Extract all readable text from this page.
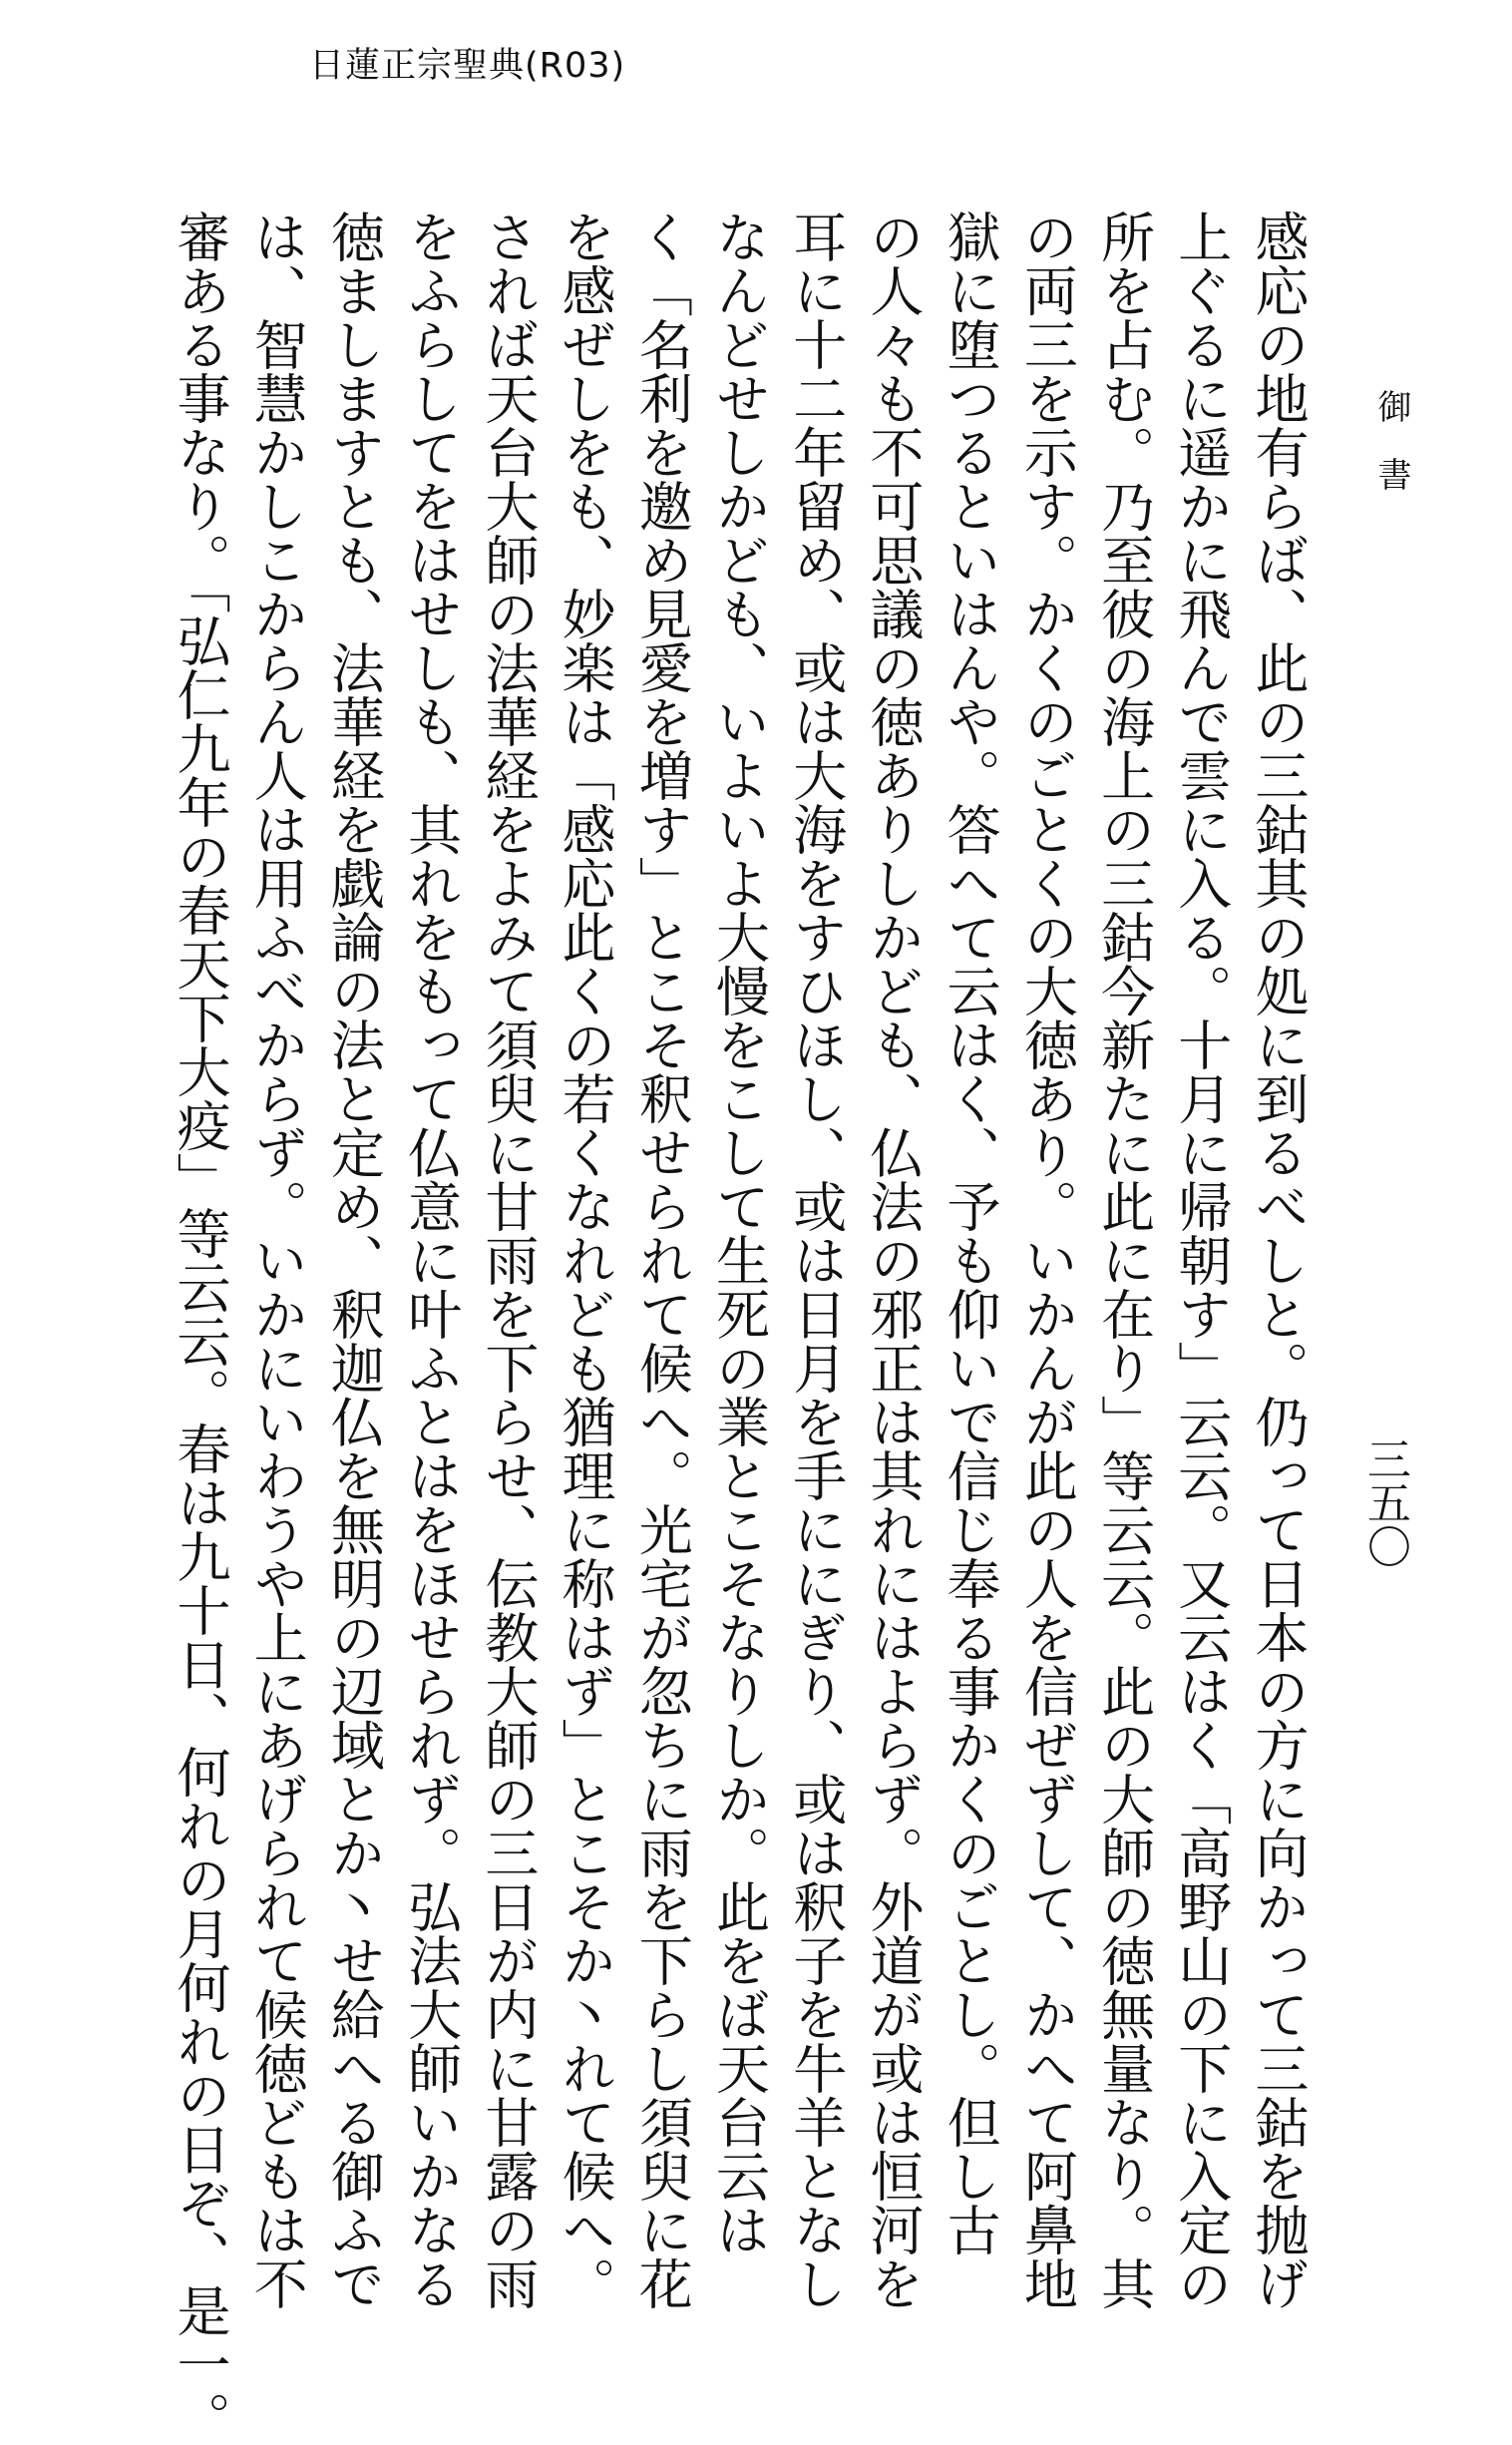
日蓮正宗聖典(R03)
御書
三五〇
感応の地有らば、此の三鈷其の処に到るべしと。仍って日本の方に向かって三鈷を抛げ
上ぐるに遥かに飛んで雲に入る。十月に帰朝す」云云。又云はく「高野山の下に入定の
所を占む。乃至彼の海上の三鈷今新たに此に在り」等云云。此の大師の徳無量なり。其
の両三を示す。かくのごとくの大徳あり。いかんが此の人を信ぜずして、かへて阿鼻地
獄に堕つるといはんや。答へて云はく、予も仰いで信じ奉る事かくのごとし。但し古
の人々も不可思議の徳ありしかども、仏法の邪正は其れにはよらず。外道が或は恒河を
耳に十二年留め、或は大海をすひほし、或は日月を手ににぎり、或は釈子を牛羊となし
なんどせしかども、いよいよ大慢をこして生死の業とこそなりしか。此をば天台云は
く「名利を邀め見愛を増す」とこそ釈せられて候へ。光宅が忽ちに雨を下らし須臾に花
を感ぜしをも、妙楽は「感応此くの若くなれども猶理に称はず」とこそか丶れて候へ。
されば天台大師の法華経をよみて須臾に甘雨を下らせ、伝教大師の三日が内に甘露の雨
をふらしてをはせしも、其れをもって仏意に叶ふとはをほせられず。弘法大師いかなる
徳ましますとも、法華経を戯論の法と定め、釈迦仏を無明の辺域とか丶せ給へる御ふで
は、智慧かしこからん人は用ふべからず。いかにいわうや上にあげられて候徳どもは不
審ある事なり。「弘仁九年の春天下大疫」等云云。春は九十日、何れの月何れの日ぞ、是一。
